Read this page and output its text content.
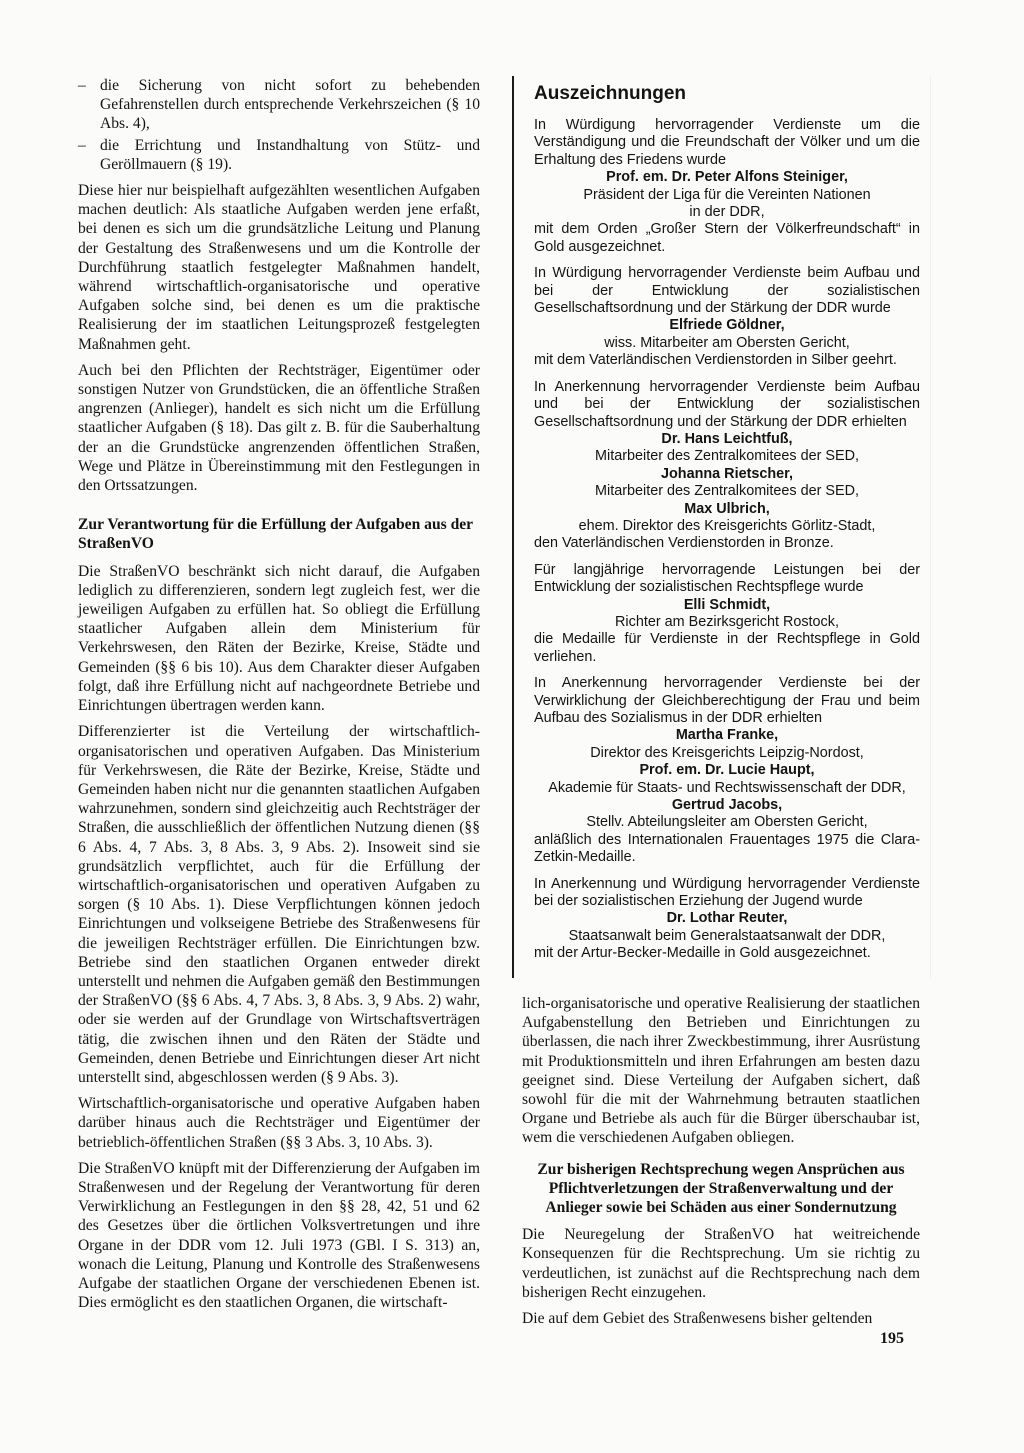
– die Sicherung von nicht sofort zu behebenden Gefahrenstellen durch entsprechende Verkehrszeichen (§ 10 Abs. 4),
– die Errichtung und Instandhaltung von Stütz- und Geröllmauern (§ 19).

Diese hier nur beispielhaft aufgezählten wesentlichen Aufgaben machen deutlich: Als staatliche Aufgaben werden jene erfaßt, bei denen es sich um die grundsätzliche Leitung und Planung der Gestaltung des Straßenwesens und um die Kontrolle der Durchführung staatlich festgelegter Maßnahmen handelt, während wirtschaftlich-organisatorische und operative Aufgaben solche sind, bei denen es um die praktische Realisierung der im staatlichen Leitungsprozeß festgelegten Maßnahmen geht.

Auch bei den Pflichten der Rechtsträger, Eigentümer oder sonstigen Nutzer von Grundstücken, die an öffentliche Straßen angrenzen (Anlieger), handelt es sich nicht um die Erfüllung staatlicher Aufgaben (§ 18). Das gilt z. B. für die Sauberhaltung der an die Grundstücke angrenzenden öffentlichen Straßen, Wege und Plätze in Übereinstimmung mit den Festlegungen in den Ortssatzungen.

Zur Verantwortung für die Erfüllung der Aufgaben aus der StraßenVO

Die StraßenVO beschränkt sich nicht darauf, die Aufgaben lediglich zu differenzieren, sondern legt zugleich fest, wer die jeweiligen Aufgaben zu erfüllen hat. So obliegt die Erfüllung staatlicher Aufgaben allein dem Ministerium für Verkehrswesen, den Räten der Bezirke, Kreise, Städte und Gemeinden (§§ 6 bis 10). Aus dem Charakter dieser Aufgaben folgt, daß ihre Erfüllung nicht auf nachgeordnete Betriebe und Einrichtungen übertragen werden kann.

Differenzierter ist die Verteilung der wirtschaftlich-organisatorischen und operativen Aufgaben. Das Ministerium für Verkehrswesen, die Räte der Bezirke, Kreise, Städte und Gemeinden haben nicht nur die genannten staatlichen Aufgaben wahrzunehmen, sondern sind gleichzeitig auch Rechtsträger der Straßen, die ausschließlich der öffentlichen Nutzung dienen (§§ 6 Abs. 4, 7 Abs. 3, 8 Abs. 3, 9 Abs. 2). Insoweit sind sie grundsätzlich verpflichtet, auch für die Erfüllung der wirtschaftlich-organisatorischen und operativen Aufgaben zu sorgen (§ 10 Abs. 1). Diese Verpflichtungen können jedoch Einrichtungen und volkseigene Betriebe des Straßenwesens für die jeweiligen Rechtsträger erfüllen. Die Einrichtungen bzw. Betriebe sind den staatlichen Organen entweder direkt unterstellt und nehmen die Aufgaben gemäß den Bestimmungen der StraßenVO (§§ 6 Abs. 4, 7 Abs. 3, 8 Abs. 3, 9 Abs. 2) wahr, oder sie werden auf der Grundlage von Wirtschaftsverträgen tätig, die zwischen ihnen und den Räten der Städte und Gemeinden, denen Betriebe und Einrichtungen dieser Art nicht unterstellt sind, abgeschlossen werden (§ 9 Abs. 3).

Wirtschaftlich-organisatorische und operative Aufgaben haben darüber hinaus auch die Rechtsträger und Eigentümer der betrieblich-öffentlichen Straßen (§§ 3 Abs. 3, 10 Abs. 3).

Die StraßenVO knüpft mit der Differenzierung der Aufgaben im Straßenwesen und der Regelung der Verantwortung für deren Verwirklichung an Festlegungen in den §§ 28, 42, 51 und 62 des Gesetzes über die örtlichen Volksvertretungen und ihre Organe in der DDR vom 12. Juli 1973 (GBl. I S. 313) an, wonach die Leitung, Planung und Kontrolle des Straßenwesens Aufgabe der staatlichen Organe der verschiedenen Ebenen ist. Dies ermöglicht es den staatlichen Organen, die wirtschaft-

Auszeichnungen
In Würdigung hervorragender Verdienste um die Verständigung und die Freundschaft der Völker und um die Erhaltung des Friedens wurde
Prof. em. Dr. Peter Alfons Steiniger,
Präsident der Liga für die Vereinten Nationen
in der DDR,
mit dem Orden „Großer Stern der Völkerfreundschaft“ in Gold ausgezeichnet.
In Würdigung hervorragender Verdienste beim Aufbau und bei der Entwicklung der sozialistischen Gesellschaftsordnung und der Stärkung der DDR wurde
Elfriede Göldner,
wiss. Mitarbeiter am Obersten Gericht,
mit dem Vaterländischen Verdienstorden in Silber geehrt.
In Anerkennung hervorragender Verdienste beim Aufbau und bei der Entwicklung der sozialistischen Gesellschaftsordnung und der Stärkung der DDR erhielten
Dr. Hans Leichtfuß,
Mitarbeiter des Zentralkomitees der SED,
Johanna Rietscher,
Mitarbeiter des Zentralkomitees der SED,
Max Ulbrich,
ehem. Direktor des Kreisgerichts Görlitz-Stadt,
den Vaterländischen Verdienstorden in Bronze.
Für langjährige hervorragende Leistungen bei der Entwicklung der sozialistischen Rechtspflege wurde
Elli Schmidt,
Richter am Bezirksgericht Rostock,
die Medaille für Verdienste in der Rechtspflege in Gold verliehen.
In Anerkennung hervorragender Verdienste bei der Verwirklichung der Gleichberechtigung der Frau und beim Aufbau des Sozialismus in der DDR erhielten
Martha Franke,
Direktor des Kreisgerichts Leipzig-Nordost,
Prof. em. Dr. Lucie Haupt,
Akademie für Staats- und Rechtswissenschaft der DDR,
Gertrud Jacobs,
Stellv. Abteilungsleiter am Obersten Gericht,
anläßlich des Internationalen Frauentages 1975 die Clara-Zetkin-Medaille.
In Anerkennung und Würdigung hervorragender Verdienste bei der sozialistischen Erziehung der Jugend wurde
Dr. Lothar Reuter,
Staatsanwalt beim Generalstaatsanwalt der DDR,
mit der Artur-Becker-Medaille in Gold ausgezeichnet.

lich-organisatorische und operative Realisierung der staatlichen Aufgabenstellung den Betrieben und Einrichtungen zu überlassen, die nach ihrer Zweckbestimmung, ihrer Ausrüstung mit Produktionsmitteln und ihren Erfahrungen am besten dazu geeignet sind. Diese Verteilung der Aufgaben sichert, daß sowohl für die mit der Wahrnehmung betrauten staatlichen Organe und Betriebe als auch für die Bürger überschaubar ist, wem die verschiedenen Aufgaben obliegen.

Zur bisherigen Rechtsprechung wegen Ansprüchen aus Pflichtverletzungen der Straßenverwaltung und der Anlieger sowie bei Schäden aus einer Sondernutzung

Die Neuregelung der StraßenVO hat weitreichende Konsequenzen für die Rechtsprechung. Um sie richtig zu verdeutlichen, ist zunächst auf die Rechtsprechung nach dem bisherigen Recht einzugehen.

Die auf dem Gebiet des Straßenwesens bisher geltenden

195
